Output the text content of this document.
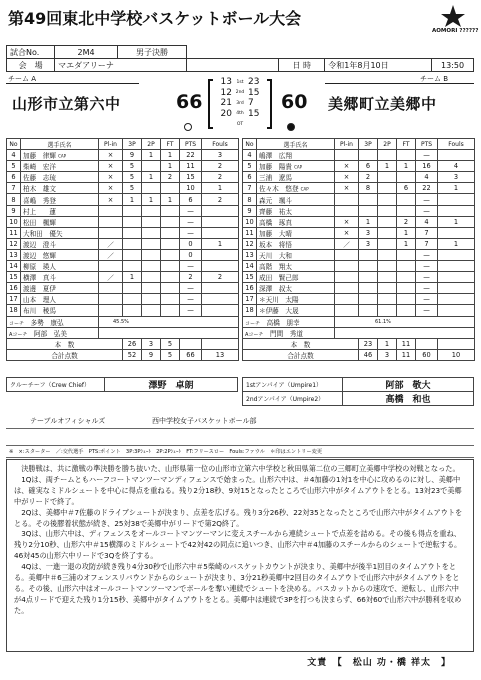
第49回東北中学校バスケットボール大会
AOMORI ??????
試合No.	2M4	男子決勝				
会　場	マエダアリーナ			日 時	令和1年8月10日	13:50
チーム A	チーム B
山形市立第六中	美郷町立美郷中
66	60
13	1st 23
12 2nd 15
21 3rd 7
20 4th 15
OT
No	選手氏名	Pl-in	3P	2P	FT	PTS	Fouls
4	加藤　律輝 CAP	×	9	1	1	22	3
5	柴崎　宏洋	×	5		1	11	2
6	佐藤　志琉	×	5	1	2	15	2
7	柏木　雄文	×	5			10	1
8	喜嶋　秀登	×	1	1	1	6	2
9	村上　　蓮					—	
10	松田　楓輝					—	
11	大和田　優矢					—	
12	渡辺　澄斗	／				0	1
13	渡辺　悠輝	／				0	
14	柳原　瑛人					—	
15	横澤　真斗	／	1			2	2
16	渡邊　夏伊					—	
17	山本　理人					—	
18	布川　稜馬					—	
コーチ　 多勢　康弘		45.5%					
Aコーチ　 阿部　弘美							
本　数			26	3	5		
合計点数			52	9	5	66	13
No	選手氏名	Pl-in	3P	2P	FT	PTS	Fouls
4	嶋澤　広翔					—	
5	加藤　陽貴 CAP	×	6	1	1	16	4
6	三浦　遼馬	×	2			4	3
7	佐々木　悠登 CAP	×	8		6	22	1
8	森元　颯斗					—	
9	齊藤　祐太					—	
10	高橋　琢真	×	1		2	4	1
11	加藤　大晴	×	3		1	7	
12	坂本　将悟	／	3		1	7	1
13	天川　大和					—	
14	高階　翔太					—	
15	成田　賢己郎					—	
16	深澤　叔太					—	
17	＊天川　太陽					—	
18	＊伊藤　大晟					—	
コーチ　 高橋　朋幸		61.1%					
Aコーチ　 門間　秀道							
本　数			23	1	11		
合計点数			46	3	11	60	10
クルーチーフ（Crew Chief）	澤野　卓朗	1stアンパイア（Umpire1）	阿部　敬大
2ndアンパイア（Umpire2）	高橋　和也
テーブルオフィシャルズ	西中学校女子バスケットボール部
※　×:スターター　／:交代選手　PTS:ポイント　3P:3Pｼｭｰﾄ　2P:2Pｼｭｰﾄ　FT:フリースロー　Fouls:ファウル　＊印はエントリー変更

決勝戦は、共に激戦の準決勝を勝ち抜いた、山形県第一位の山形市立第六中学校と秋田県第二位の三郷町立美郷中学校の対戦となった。

1Qは、両チームともハーフコートマンツーマンディフェンスで始まった。山形六中は、＃4加藤の1対1を中心に攻めるのに対し、美郷中は、確実なミドルシュートを中心に得点を重ねる。残り2分18秒、9対15となったところで山形六中がタイムアウトをとる。13対23で美郷中がリードで終了。

2Qは、美郷中＃7佐藤のドライブシュートが決まり、点差を広げる。残り3分26秒、22対35となったところで山形六中がタイムアウトをとる。その後膠着状態が続き、25対38で美郷中がリードで第2Q終了。

3Qは、山形六中は、ディフェンスをオールコートマンツーマンに変えスチールから連続シュートで点差を詰める。その後も得点を重ね、残り2分10秒、山形六中＃15横澤のミドルシュートで42対42の同点に追いつき、山形六中＃4加藤のスチールからのシュートで逆転する。46対45の山形六中リードで3Qを終了する。

4Qは、一進一退の攻防が続き残り4分30秒で山形六中＃5柴崎のバスケットカウントが決まり、美郷中が後半1回目のタイムアウトをとる。美郷中＃6三浦のオフェンスリバウンドからのシュートが決まり、3分21秒美郷中2回目のタイムアウトで山形六中がタイムアウトをとる。その後、山形六中はオールコートマンツーマンでボールを奪い連続でシュートを決める。バスカットからの速攻で、逆転し、山形六中が4点リードで迎えた残り1分15秒、美郷中がタイムアウトをとる。美郷中は連続で3Pを打つも決まらず、66対60で山形六中が勝利を収めた。

文責　【　松山 功・橋 祥太　】
